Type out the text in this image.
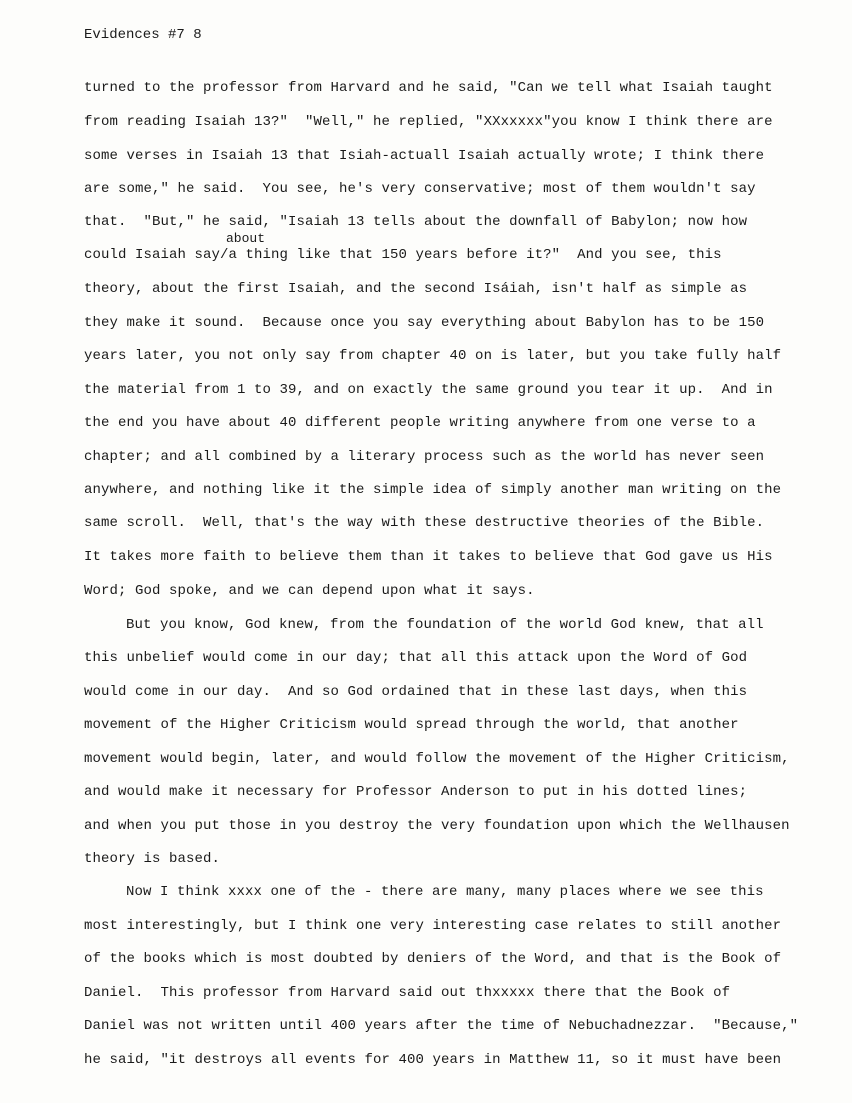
Evidences #7 8
about
turned to the professor from Harvard and he said, "Can we tell what Isaiah taught
from reading Isaiah 13?"  "Well," he replied, "XXxxxxx"you know I think there are
some verses in Isaiah 13 that Isiah-actuall Isaiah actually wrote; I think there
are some," he said.  You see, he's very conservative; most of them wouldn't say
that.  "But," he said, "Isaiah 13 tells about the downfall of Babylon; now how
could Isaiah say/a thing like that 150 years before it?"  And you see, this
theory, about the first Isaiah, and the second Isáiah, isn't half as simple as
they make it sound.  Because once you say everything about Babylon has to be 150
years later, you not only say from chapter 40 on is later, but you take fully half
the material from 1 to 39, and on exactly the same ground you tear it up.  And in
the end you have about 40 different people writing anywhere from one verse to a
chapter; and all combined by a literary process such as the world has never seen
anywhere, and nothing like it the simple idea of simply another man writing on the
same scroll.  Well, that's the way with these destructive theories of the Bible.
It takes more faith to believe them than it takes to believe that God gave us His
Word; God spoke, and we can depend upon what it says.
But you know, God knew, from the foundation of the world God knew, that all
this unbelief would come in our day; that all this attack upon the Word of God
would come in our day.  And so God ordained that in these last days, when this
movement of the Higher Criticism would spread through the world, that another
movement would begin, later, and would follow the movement of the Higher Criticism,
and would make it necessary for Professor Anderson to put in his dotted lines;
and when you put those in you destroy the very foundation upon which the Wellhausen
theory is based.
Now I think xxxx one of the - there are many, many places where we see this
most interestingly, but I think one very interesting case relates to still another
of the books which is most doubted by deniers of the Word, and that is the Book of
Daniel.  This professor from Harvard said out thxxxxx there that the Book of
Daniel was not written until 400 years after the time of Nebuchadnezzar.  "Because,"
he said, "it destroys all events for 400 years in Matthew 11, so it must have been
